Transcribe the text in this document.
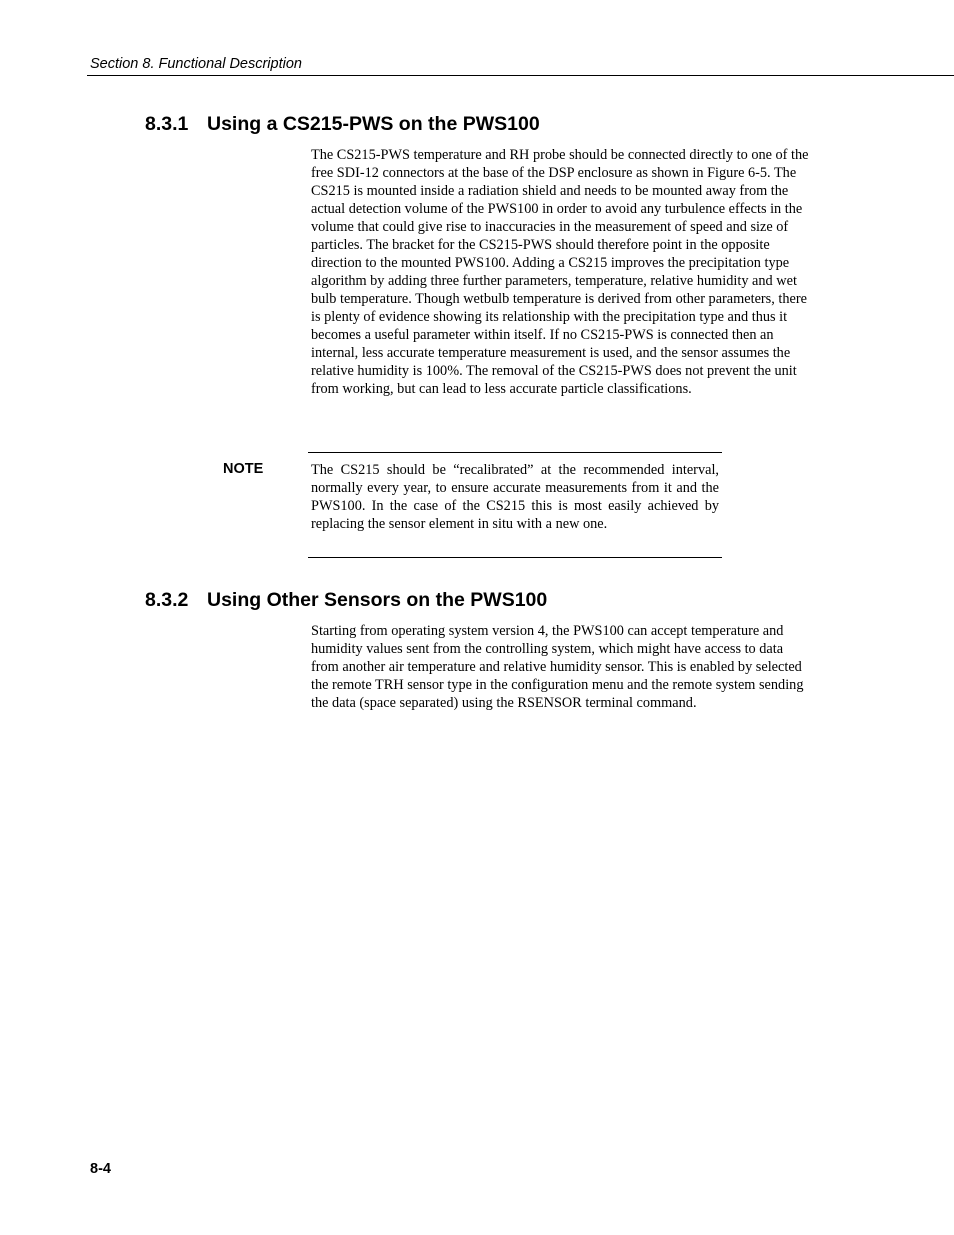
Section 8. Functional Description
8.3.1 Using a CS215-PWS on the PWS100

The CS215-PWS temperature and RH probe should be connected directly to one of the free SDI-12 connectors at the base of the DSP enclosure as shown in Figure 6-5. The CS215 is mounted inside a radiation shield and needs to be mounted away from the actual detection volume of the PWS100 in order to avoid any turbulence effects in the volume that could give rise to inaccuracies in the measurement of speed and size of particles. The bracket for the CS215-PWS should therefore point in the opposite direction to the mounted PWS100. Adding a CS215 improves the precipitation type algorithm by adding three further parameters, temperature, relative humidity and wet bulb temperature. Though wetbulb temperature is derived from other parameters, there is plenty of evidence showing its relationship with the precipitation type and thus it becomes a useful parameter within itself. If no CS215-PWS is connected then an internal, less accurate temperature measurement is used, and the sensor assumes the relative humidity is 100%. The removal of the CS215-PWS does not prevent the unit from working, but can lead to less accurate particle classifications.

NOTE	The CS215 should be “recalibrated” at the recommended interval, normally every year, to ensure accurate measurements from it and the PWS100. In the case of the CS215 this is most easily achieved by replacing the sensor element in situ with a new one.

8.3.2 Using Other Sensors on the PWS100

Starting from operating system version 4, the PWS100 can accept temperature and humidity values sent from the controlling system, which might have access to data from another air temperature and relative humidity sensor. This is enabled by selected the remote TRH sensor type in the configuration menu and the remote system sending the data (space separated) using the RSENSOR terminal command.

8-4
